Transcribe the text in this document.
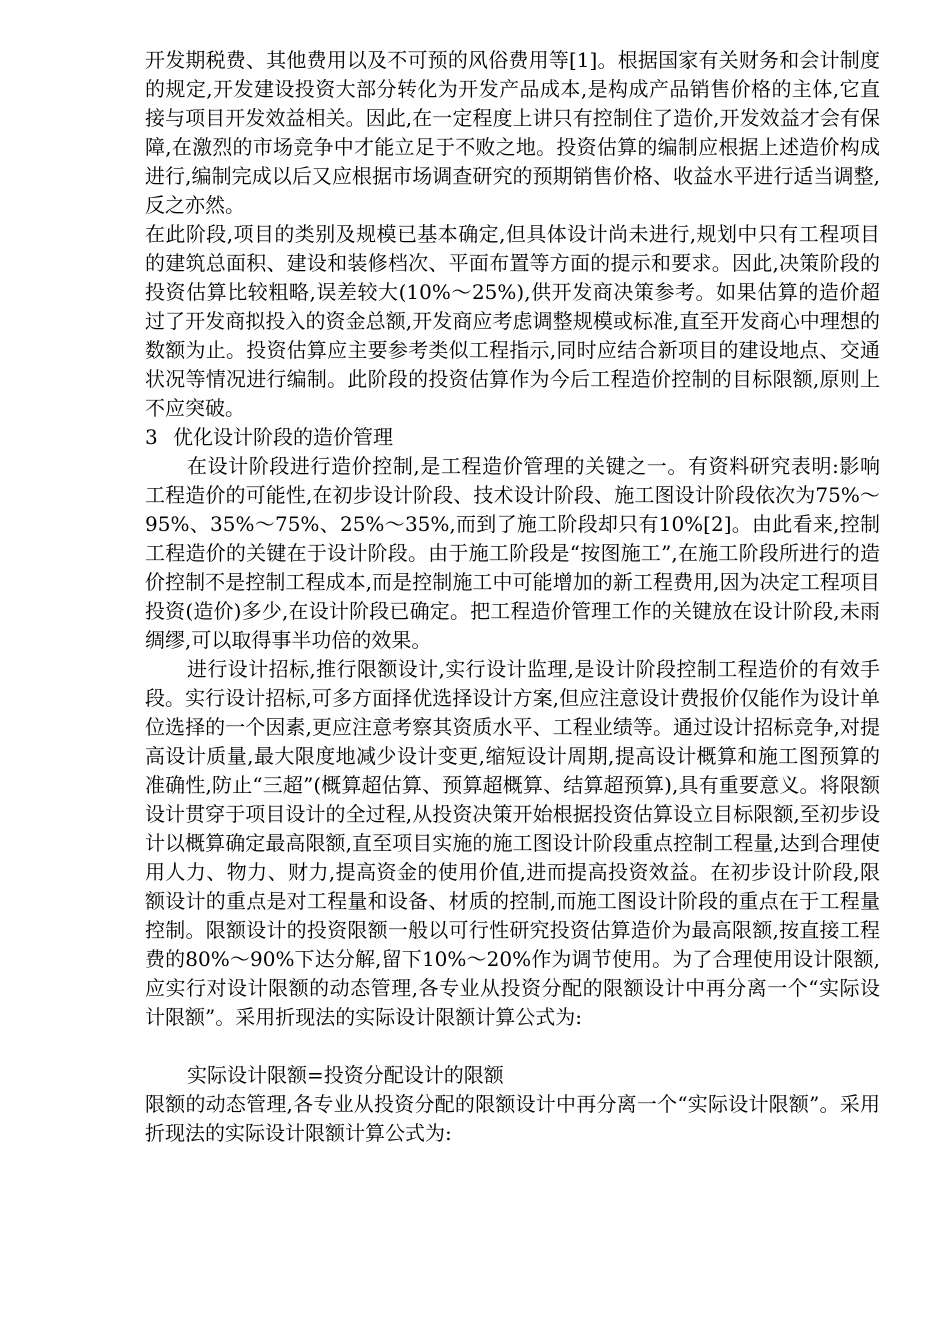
开发期税费、其他费用以及不可预的风俗费用等[1]。根据国家有关财务和会计制度的规定,开发建设投资大部分转化为开发产品成本,是构成产品销售价格的主体,它直接与项目开发效益相关。因此,在一定程度上讲只有控制住了造价,开发效益才会有保障,在激烈的市场竞争中才能立足于不败之地。投资估算的编制应根据上述造价构成进行,编制完成以后又应根据市场调查研究的预期销售价格、收益水平进行适当调整,反之亦然。

在此阶段,项目的类别及规模已基本确定,但具体设计尚未进行,规划中只有工程项目的建筑总面积、建设和装修档次、平面布置等方面的提示和要求。因此,决策阶段的投资估算比较粗略,误差较大(10%～25%),供开发商决策参考。如果估算的造价超过了开发商拟投入的资金总额,开发商应考虑调整规模或标准,直至开发商心中理想的数额为止。投资估算应主要参考类似工程指示,同时应结合新项目的建设地点、交通状况等情况进行编制。此阶段的投资估算作为今后工程造价控制的目标限额,原则上不应突破。

3 优化设计阶段的造价管理

在设计阶段进行造价控制,是工程造价管理的关键之一。有资料研究表明:影响工程造价的可能性,在初步设计阶段、技术设计阶段、施工图设计阶段依次为75%～95%、35%～75%、25%～35%,而到了施工阶段却只有10%[2]。由此看来,控制工程造价的关键在于设计阶段。由于施工阶段是“按图施工”,在施工阶段所进行的造价控制不是控制工程成本,而是控制施工中可能增加的新工程费用,因为决定工程项目投资(造价)多少,在设计阶段已确定。把工程造价管理工作的关键放在设计阶段,未雨绸缪,可以取得事半功倍的效果。

进行设计招标,推行限额设计,实行设计监理,是设计阶段控制工程造价的有效手段。实行设计招标,可多方面择优选择设计方案,但应注意设计费报价仅能作为设计单位选择的一个因素,更应注意考察其资质水平、工程业绩等。通过设计招标竞争,对提高设计质量,最大限度地减少设计变更,缩短设计周期,提高设计概算和施工图预算的准确性,防止“三超”(概算超估算、预算超概算、结算超预算),具有重要意义。将限额设计贯穿于项目设计的全过程,从投资决策开始根据投资估算设立目标限额,至初步设计以概算确定最高限额,直至项目实施的施工图设计阶段重点控制工程量,达到合理使用人力、物力、财力,提高资金的使用价值,进而提高投资效益。在初步设计阶段,限额设计的重点是对工程量和设备、材质的控制,而施工图设计阶段的重点在于工程量控制。限额设计的投资限额一般以可行性研究投资估算造价为最高限额,按直接工程费的80%～90%下达分解,留下10%～20%作为调节使用。为了合理使用设计限额,应实行对设计限额的动态管理,各专业从投资分配的限额设计中再分离一个“实际设计限额”。采用折现法的实际设计限额计算公式为:

实际设计限额=投资分配设计的限额

限额的动态管理,各专业从投资分配的限额设计中再分离一个“实际设计限额”。采用折现法的实际设计限额计算公式为:
